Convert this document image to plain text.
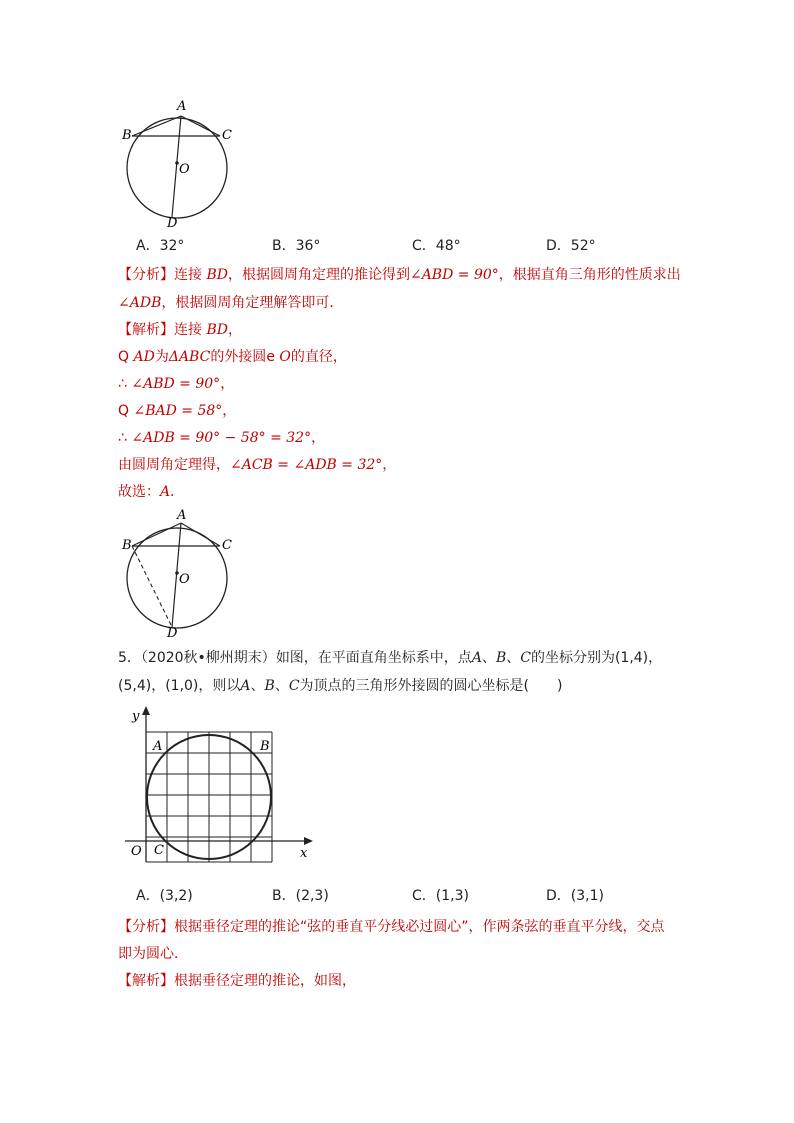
A
B	C
O
D
A．32°	B．36°	C．48°	D．52°
【分析】连接 BD，根据圆周角定理的推论得到∠ABD = 90°，根据直角三角形的性质求出
∠ADB，根据圆周角定理解答即可．
【解析】连接 BD，
Q AD为ΔABC的外接圆e O的直径，
∴ ∠ABD = 90°，
Q ∠BAD = 58°，
∴ ∠ADB = 90° − 58° = 32°，
由圆周角定理得，∠ACB = ∠ADB = 32°，
故选：A．
A
B	C
O
D
5．（2020秋•柳州期末）如图，在平面直角坐标系中，点A、B、C的坐标分别为(1,4)，
(5,4)，(1,0)，则以A、B、C为顶点的三角形外接圆的圆心坐标是(　　)
y
x
O
A	B
C
A．(3,2)	B．(2,3)	C．(1,3)	D．(3,1)
【分析】根据垂径定理的推论“弦的垂直平分线必过圆心”，作两条弦的垂直平分线，交点
即为圆心．
【解析】根据垂径定理的推论，如图，
